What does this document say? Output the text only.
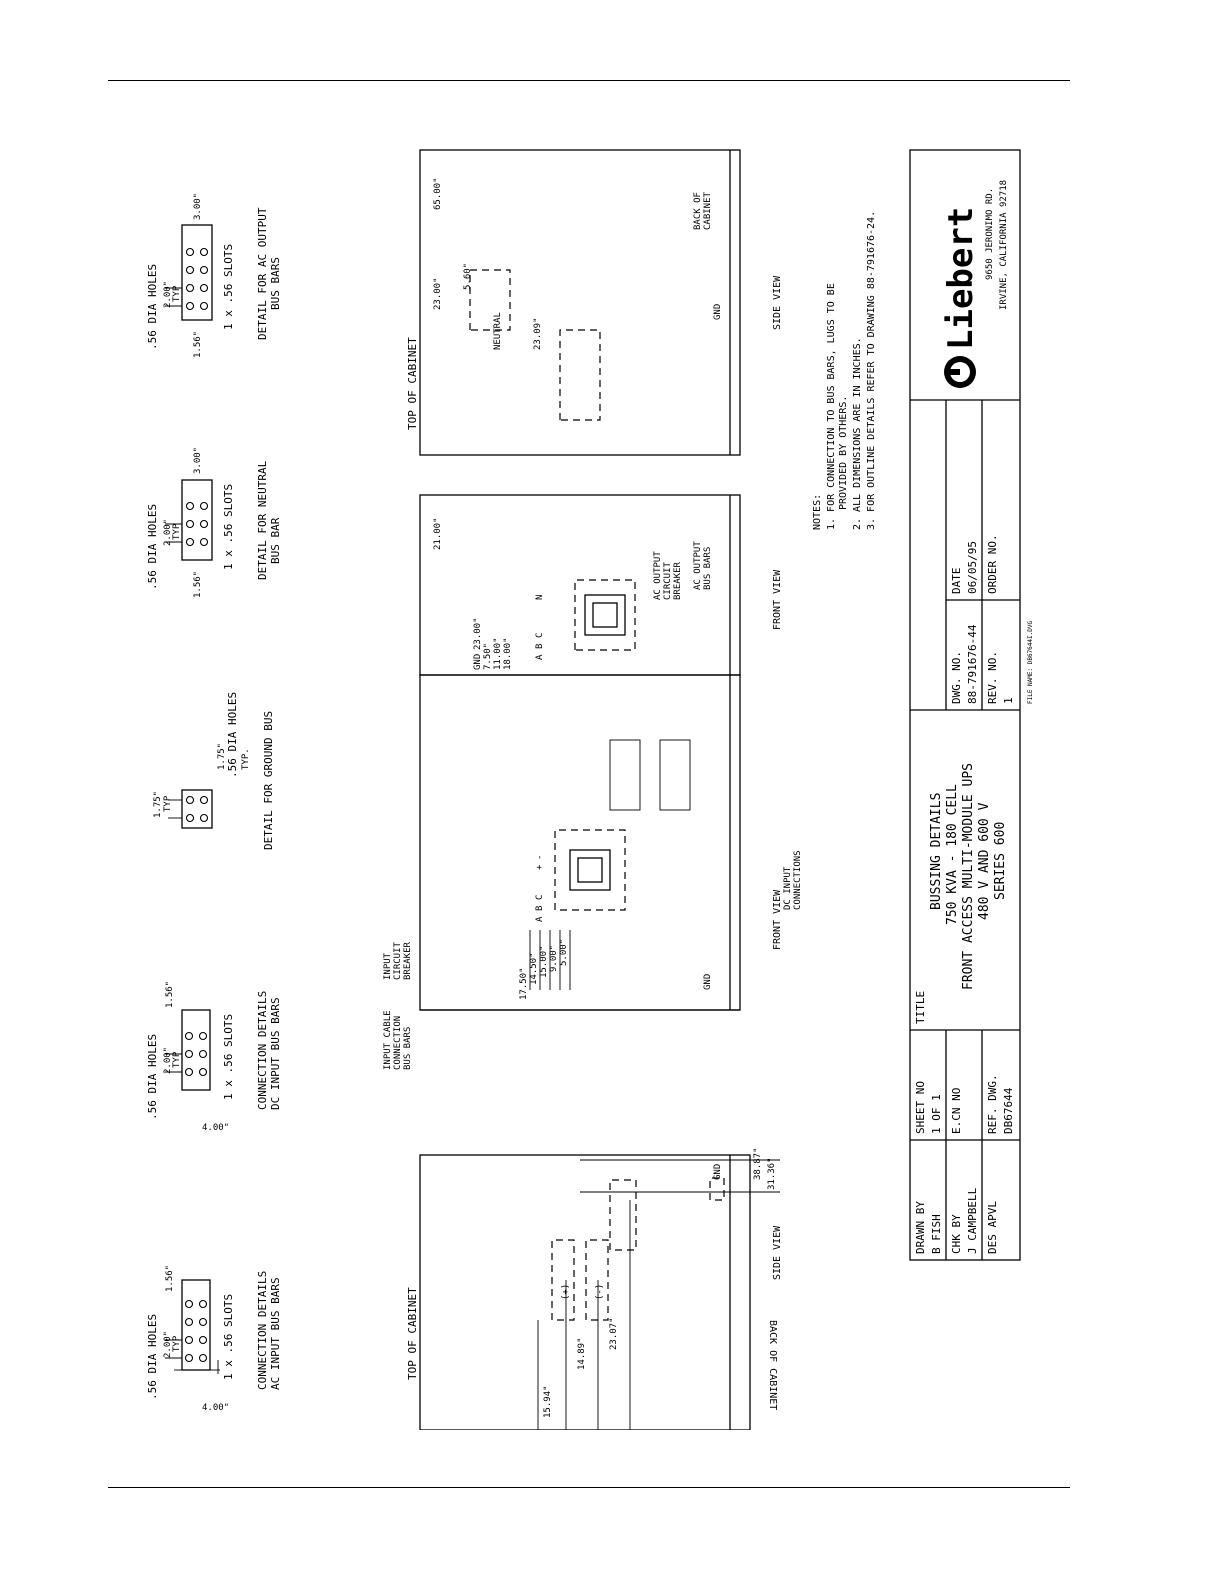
.56 DIA HOLES 2.00" TYP
1.56"
4.00"
1 x .56 SLOTS CONNECTION DETAILS AC INPUT BUS BARS
.56 DIA HOLES 2.00" TYP
1.56"
4.00"
1 x .56 SLOTS CONNECTION DETAILS DC INPUT BUS BARS
1.75" TYP
.56 DIA HOLES TYP.
1.75"	DETAIL FOR GROUND BUS
.56 DIA HOLES 2.00" TYP
1.56"
3.00"
1 x .56 SLOTS DETAIL FOR NEUTRAL BUS BAR
.56 DIA HOLES 2.00" TYP
1.56"
3.00"
1 x .56 SLOTS DETAIL FOR AC OUTPUT BUS BARS
TOP OF CABINET	BACK OF CABINET
(+)	(-)
15.94"
14.89"
23.07"
31.36"
38.87"
GND
SIDE VIEW
A
B
C
17.50" 14.50" 15.00" 9.00" 5.00"
GND
FRONT VIEW
INPUT CABLE CONNECTION BUS BARS
INPUT CIRCUIT BREAKER
DC INPUT CONNECTIONS
+
-
A
B
C
N
23.00"
21.00"
7.50" 11.00" 18.00"
GND
FRONT VIEW
AC OUTPUT CIRCUIT BREAKER AC OUTPUT BUS BARS
TOP OF CABINET
23.00"
65.00"
5.60"
23.09"
NEUTRAL
GND
BACK OF CABINET
SIDE VIEW
NOTES: 1. FOR CONNECTION TO BUS BARS, LUGS TO BE PROVIDED BY OTHERS. 2. ALL DIMENSIONS ARE IN INCHES. 3. FOR OUTLINE DETAILS REFER TO DRAWING 88-791676-24.
DRAWN BY B FISH
SHEET NO 1 OF 1
CHK BY J CAMPBELL
E.CN NO
DES APVL
REF. DWG. DB67644
TITLE
BUSSING DETAILS 750 KVA - 180 CELL FRONT ACCESS MULTI-MODULE UPS 480 V AND 600 V SERIES 600
DWG. NO. 88-791676-44
DATE 06/05/95
REV. NO. 1
ORDER NO.
FILE NAME: DB67644I.DVG
Liebert 9650 JERONIMO RD. IRVINE, CALIFORNIA 92718
